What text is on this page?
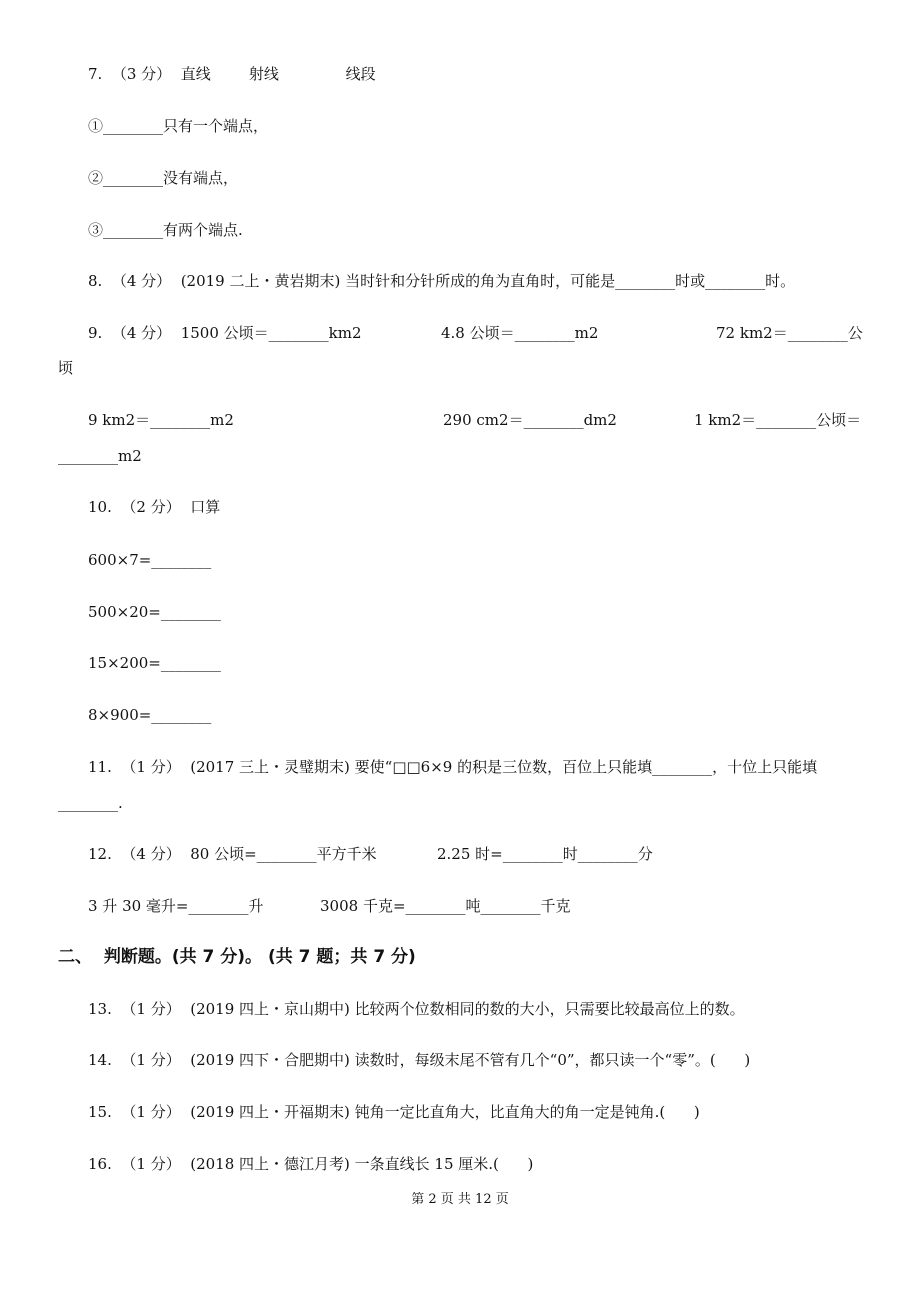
7.  （3 分）  直线        射线              线段
①________只有一个端点，
②________没有端点，
③________有两个端点.
8.  （4 分）  (2019 二上・黄岩期末) 当时针和分针所成的角为直角时，可能是________时或________时。
9.  （4 分）  1500 公顷＝________km2	4.8 公顷＝________m2	72 km2＝________公
顷
9 km2＝________m2	290 cm2＝________dm2	1 km2＝________公顷＝
________m2
10.  （2 分）  口算
600×7=________
500×20=________
15×200=________
8×900=________
11.  （1 分）  (2017 三上・灵璧期末) 要使“□□6×9 的积是三位数，百位上只能填________，十位上只能填
________.
12.  （4 分）  80 公顷=________平方千米	2.25 时=________时________分
3 升 30 毫升=________升	3008 千克=________吨________千克
二、  判断题。(共 7 分)。 (共 7 题；共 7 分)
13.  （1 分）  (2019 四上・京山期中) 比较两个位数相同的数的大小，只需要比较最高位上的数。
14.  （1 分）  (2019 四下・合肥期中) 读数时，每级末尾不管有几个“0”，都只读一个“零”。(      )
15.  （1 分）  (2019 四上・开福期末) 钝角一定比直角大，比直角大的角一定是钝角.(      )
16.  （1 分）  (2018 四上・德江月考) 一条直线长 15 厘米.(      )
第 2 页 共 12 页
